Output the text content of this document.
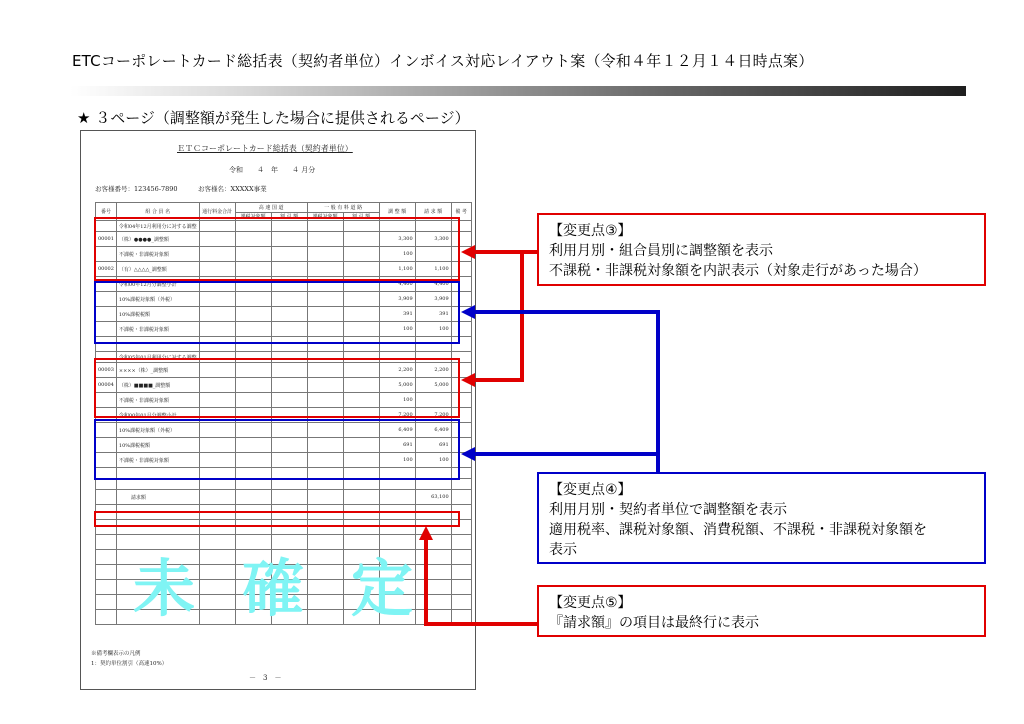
ETCコーポレートカード総括表（契約者単位）インボイス対応レイアウト案（令和４年１２月１４日時点案）
★ ３ページ（調整額が発生した場合に提供されるページ）
ＥＴＣコーポレートカード総括表（契約者単位）
令和　　４　年　　４ 月分
お客様番号：123456-7890	お客様名：XXXXX事業
番号	組 合 員 名	通行料金合計	高 速 国 道		一 般 有 料 道 路		調 整 額	請 求 額	備 考
			課税対象額	割 引 額	課税対象額	割 引 額			
	令和04年12月利用分に対する調整								
00001	（株）●●●●_調整額						3,300	3,300	
	不課税・非課税対象額						100		
00002	（有）△△△△_調整額						1,100	1,100	
	令和00年12月分調整小計						4,400	4,400	
	10%課税対象額（外税）						3,909	3,909	
	10%課税税額						391	391	
	不課税・非課税対象額						100	100	

	令和05年01月利用分に対する調整								
00003	××××（株）_調整額						2,200	2,200	
00004	（株）■■■■_調整額						5,000	5,000	
	不課税・非課税対象額						100		
	令和00年01月分調整小計						7,200	7,200	
	10%課税対象額（外税）						6,409	6,409	
	10%課税税額						691	691	
	不課税・非課税対象額						100	100	

	請求額							63,100	

未 確 定
※備考欄表示の凡例
1：契約単位割引（高速10%）
－　3　－
【変更点③】
利用月別・組合員別に調整額を表示
不課税・非課税対象額を内訳表示（対象走行があった場合）
【変更点④】
利用月別・契約者単位で調整額を表示
適用税率、課税対象額、消費税額、不課税・非課税対象額を
表示
【変更点⑤】
『請求額』の項目は最終行に表示
